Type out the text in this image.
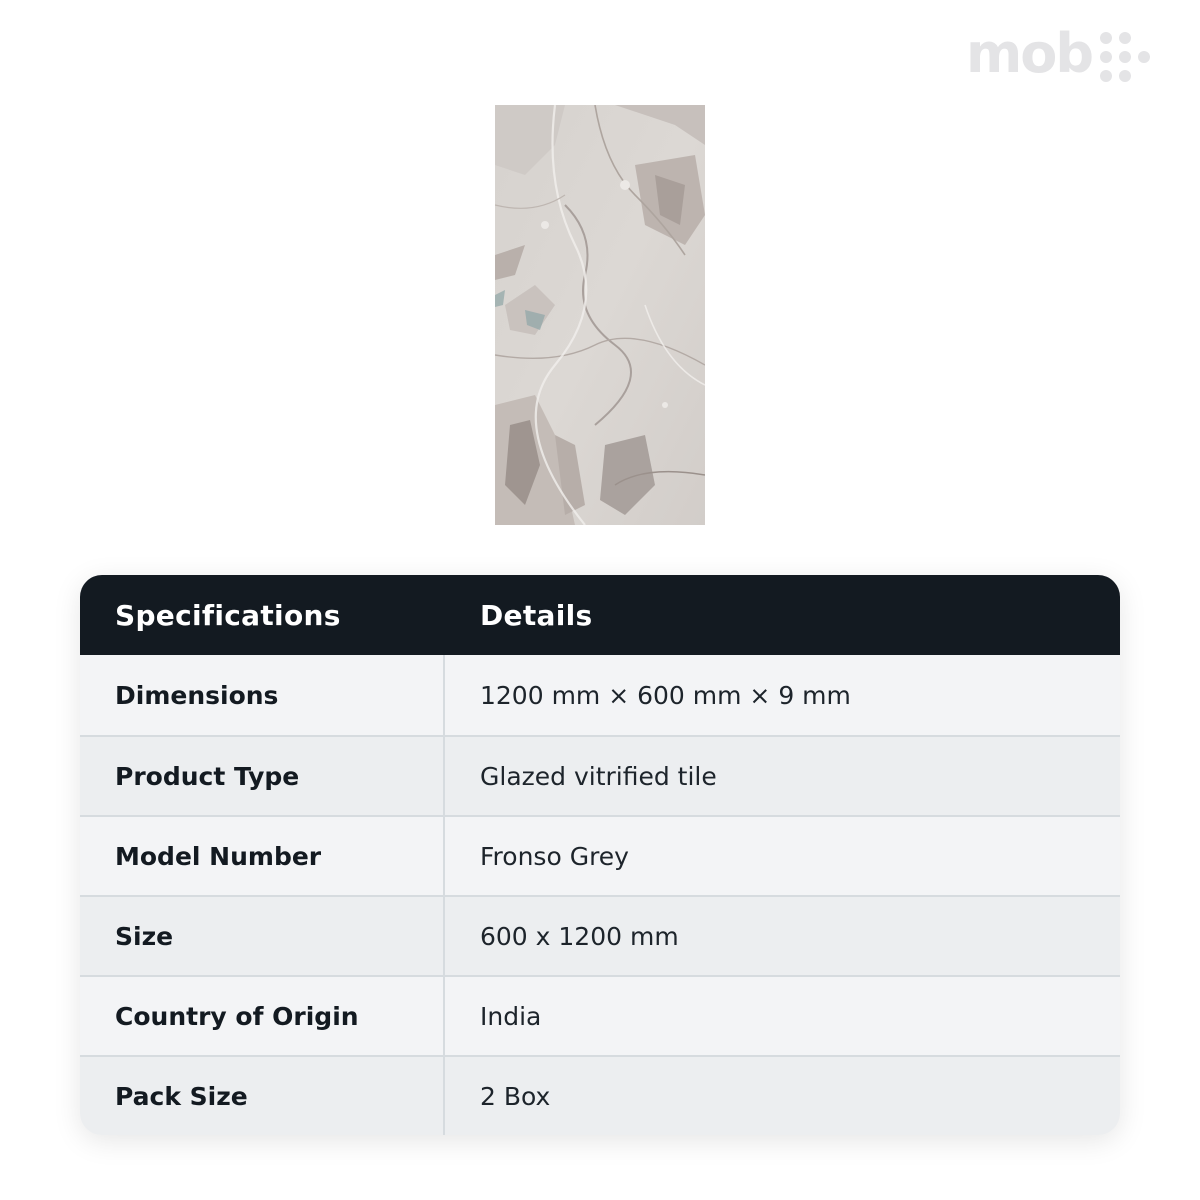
mob
Specifications	Details
Dimensions	1200 mm × 600 mm × 9 mm
Product Type	Glazed vitrified tile
Model Number	Fronso Grey
Size	600 x 1200 mm
Country of Origin	India
Pack Size	2 Box
